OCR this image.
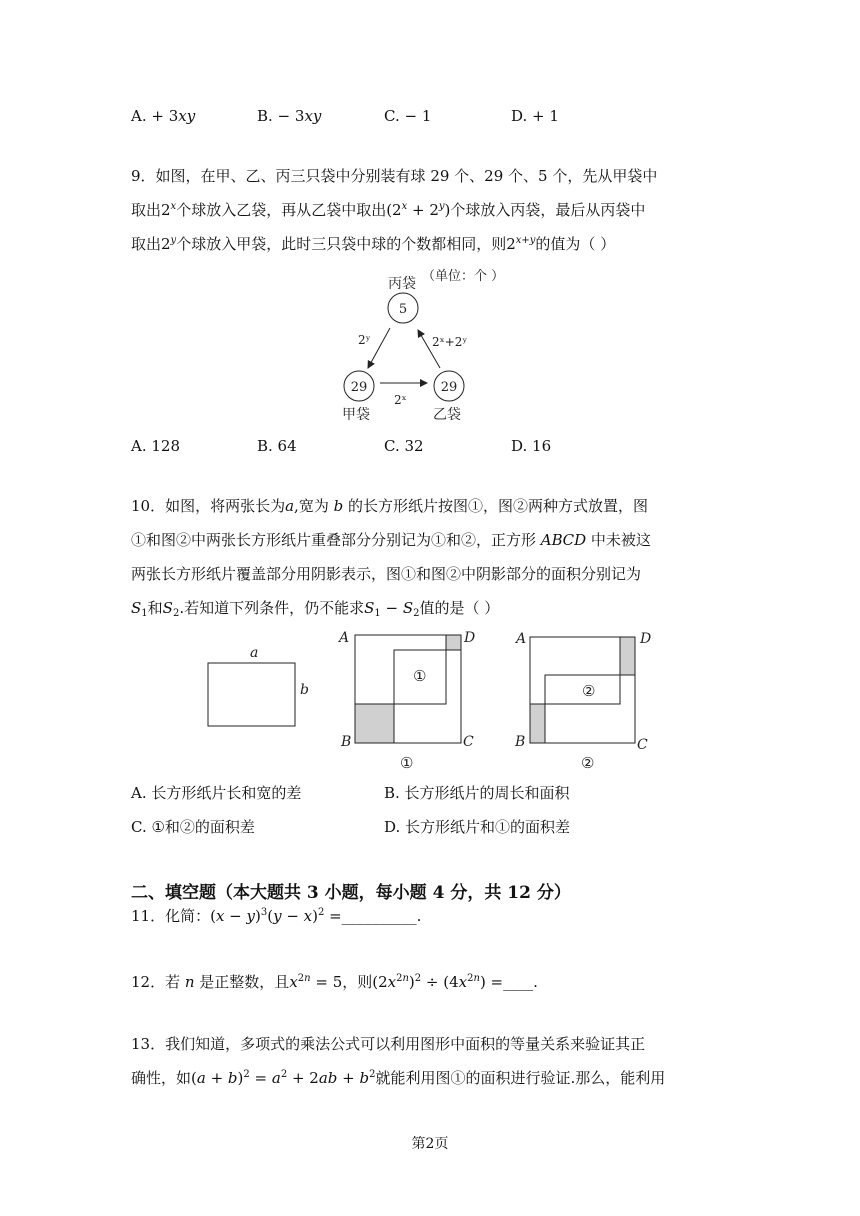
A. + 3𝑥𝑦	B. − 3𝑥𝑦	C. − 1	D. + 1
9．如图，在甲、乙、丙三只袋中分别装有球 29 个、29 个、5 个，先从甲袋中
取出$2^𝑥$个球放入乙袋，再从乙袋中取出$(2^𝑥 + 2^𝑦)$个球放入丙袋，最后从丙袋中
取出$2^𝑦$个球放入甲袋，此时三只袋中球的个数都相同，则$2^{𝑥+𝑦}$的值为（ ）
（单位：个 ）
丙袋
5
2ʸ	2ˣ+2ʸ
29
甲袋
2ˣ
29
乙袋
A. 128	B. 64	C. 32	D. 16
10．如图，将两张长为𝑎,宽为 𝑏 的长方形纸片按图①，图②两种方式放置，图
①和图②中两张长方形纸片重叠部分分别记为①和②，正方形 𝐴𝐵𝐶𝐷 中未被这
两张长方形纸片覆盖部分用阴影表示，图①和图②中阴影部分的面积分别记为
𝑆$_1$和𝑆$_2$.若知道下列条件，仍不能求𝑆$_1$ − 𝑆$_2$值的是（ ）
a
b
A	D
B	C
①
①
A	D
B	C
②
②
A. 长方形纸片长和宽的差	B. 长方形纸片的周长和面积
C. ①和②的面积差	D. 长方形纸片和①的面积差
二、填空题（本大题共 3 小题，每小题 4 分，共 12 分）
11．化简：(𝑥 − 𝑦)$^3$(𝑦 − 𝑥)$^2$ =__________.
12．若 𝑛 是正整数，且𝑥$^{2𝑛}$ = 5，则(2𝑥$^{2𝑛}$)$^2$ ÷ (4𝑥$^{2𝑛}$) =____.
13．我们知道，多项式的乘法公式可以利用图形中面积的等量关系来验证其正
确性，如(𝑎 + 𝑏)$^2$ = 𝑎$^2$ + 2𝑎𝑏 + 𝑏$^2$就能利用图①的面积进行验证.那么，能利用
第2页
